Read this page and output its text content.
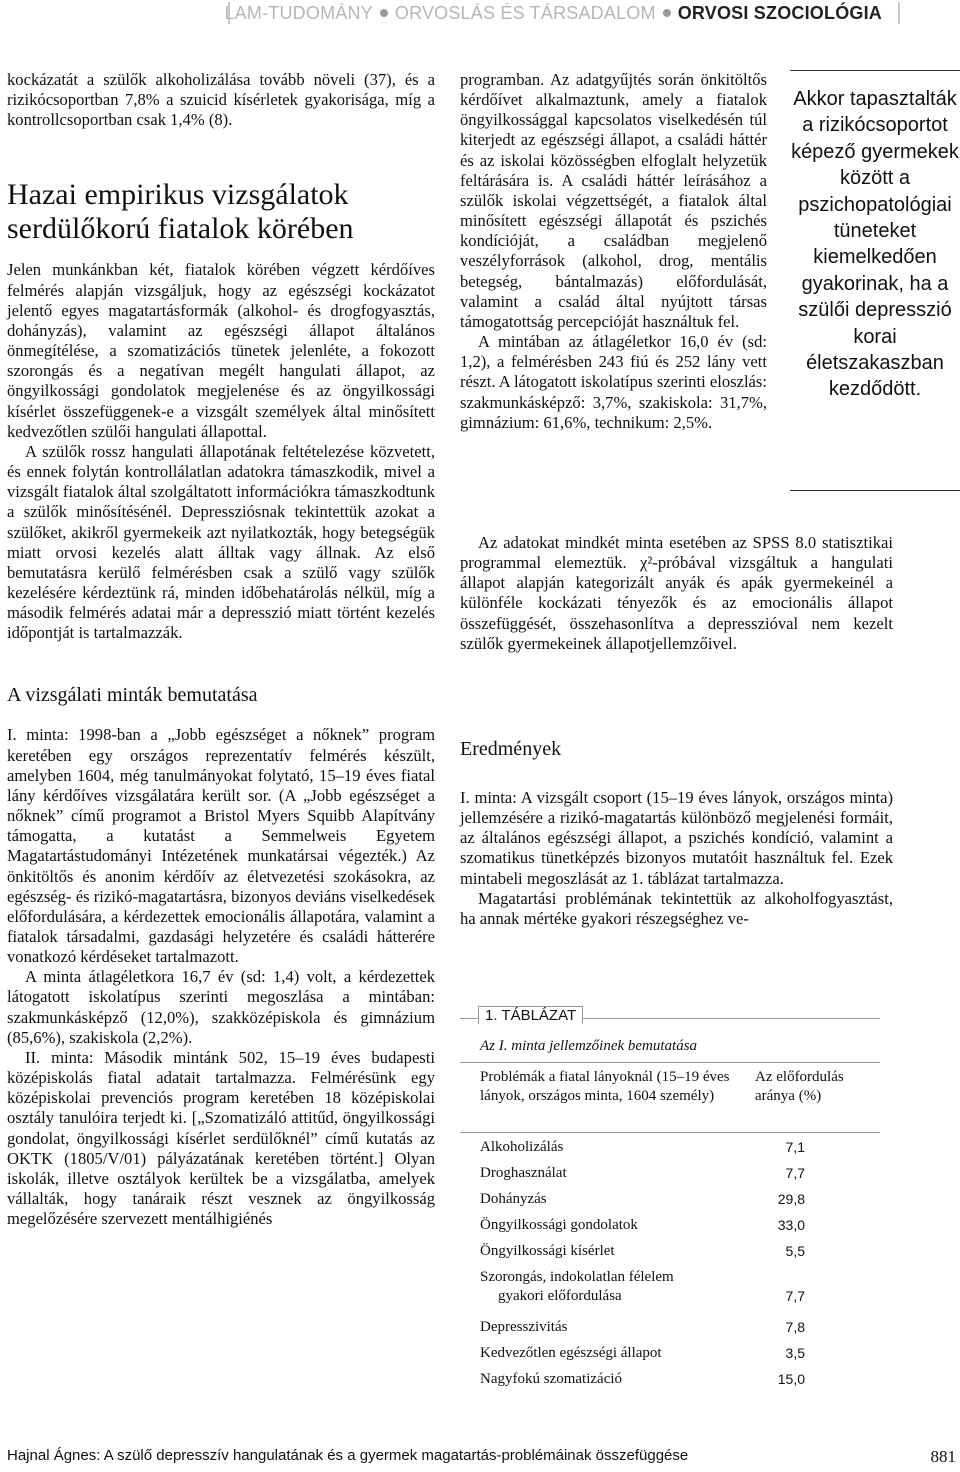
LAM-TUDOMÁNY ORVOSLÁS ÉS TÁRSADALOM ORVOSI SZOCIOLÓGIA

kockázatát a szülők alkoholizálása tovább növeli (37), és a rizikócsoportban 7,8% a szuicid kísérletek gyakorisága, míg a kontrollcsoportban csak 1,4% (8).

Hazai empirikus vizsgálatok serdülőkorú fiatalok körében

Jelen munkánkban két, fiatalok körében végzett kérdőíves felmérés alapján vizsgáljuk, hogy az egészségi kockázatot jelentő egyes magatartásformák (alkohol- és drogfogyasztás, dohányzás), valamint az egészségi állapot általános önmegítélése, a szomatizációs tünetek jelenléte, a fokozott szorongás és a negatívan megélt hangulati állapot, az öngyilkossági gondolatok megjelenése és az öngyilkossági kísérlet összefüggenek-e a vizsgált személyek által minősített kedvezőtlen szülői hangulati állapottal.

A szülők rossz hangulati állapotának feltételezése közvetett, és ennek folytán kontrollálatlan adatokra támaszkodik, mivel a vizsgált fiatalok által szolgáltatott információkra támaszkodtunk a szülők minősítésénél. Depressziósnak tekintettük azokat a szülőket, akikről gyermekeik azt nyilatkozták, hogy betegségük miatt orvosi kezelés alatt álltak vagy állnak. Az első bemutatásra kerülő felmérésben csak a szülő vagy szülők kezelésére kérdeztünk rá, minden időbehatárolás nélkül, míg a második felmérés adatai már a depresszió miatt történt kezelés időpontját is tartalmazzák.

A vizsgálati minták bemutatása

I. minta: 1998-ban a „Jobb egészséget a nőknek” program keretében egy országos reprezentatív felmérés készült, amelyben 1604, még tanulmányokat folytató, 15–19 éves fiatal lány kérdőíves vizsgálatára került sor. (A „Jobb egészséget a nőknek” című programot a Bristol Myers Squibb Alapítvány támogatta, a kutatást a Semmelweis Egyetem Magatartástudományi Intézetének munkatársai végezték.) Az önkitöltős és anonim kérdőív az életvezetési szokásokra, az egészség- és rizikó-magatartásra, bizonyos deviáns viselkedések előfordulására, a kérdezettek emocionális állapotára, valamint a fiatalok társadalmi, gazdasági helyzetére és családi hátterére vonatkozó kérdéseket tartalmazott.

A minta átlagéletkora 16,7 év (sd: 1,4) volt, a kérdezettek látogatott iskolatípus szerinti megoszlása a mintában: szakmunkásképző (12,0%), szakközépiskola és gimnázium (85,6%), szakiskola (2,2%).

II. minta: Második mintánk 502, 15–19 éves budapesti középiskolás fiatal adatait tartalmazza. Felmérésünk egy középiskolai prevenciós program keretében 18 középiskolai osztály tanulóira terjedt ki. [„Szomatizáló attitűd, öngyilkossági gondolat, öngyilkossági kísérlet serdülőknél” című kutatás az OKTK (1805/V/01) pályázatának keretében történt.] Olyan iskolák, illetve osztályok kerültek be a vizsgálatba, amelyek vállalták, hogy tanáraik részt vesznek az öngyilkosság megelőzésére szervezett mentálhigiénés

programban. Az adatgyűjtés során önkitöltős kérdőívet alkalmaztunk, amely a fiatalok öngyilkossággal kapcsolatos viselkedésén túl kiterjedt az egészségi állapot, a családi háttér és az iskolai közösségben elfoglalt helyzetük feltárására is. A családi háttér leírásához a szülők iskolai végzettségét, a fiatalok által minősített egészségi állapotát és pszichés kondícióját, a családban megjelenő veszélyforrások (alkohol, drog, mentális betegség, bántalmazás) előfordulását, valamint a család által nyújtott társas támogatottság percepcióját használtuk fel.

A mintában az átlagéletkor 16,0 év (sd: 1,2), a felmérésben 243 fiú és 252 lány vett részt. A látogatott iskolatípus szerinti eloszlás: szakmunkásképző: 3,7%, szakiskola: 31,7%, gimnázium: 61,6%, technikum: 2,5%.

Akkor tapasztalták a rizikócsoportot képező gyermekek között a pszichopatológiai tüneteket kiemelkedően gyakorinak, ha a szülői depresszió korai életszakaszban kezdődött.

Az adatokat mindkét minta esetében az SPSS 8.0 statisztikai programmal elemeztük. χ²-próbával vizsgáltuk a hangulati állapot alapján kategorizált anyák és apák gyermekeinél a különféle kockázati tényezők és az emocionális állapot összefüggését, összehasonlítva a depresszióval nem kezelt szülők gyermekeinek állapotjellemzőivel.

Eredmények

I. minta: A vizsgált csoport (15–19 éves lányok, országos minta) jellemzésére a rizikó-magatartás különböző megjelenési formáit, az általános egészségi állapot, a pszichés kondíció, valamint a szomatikus tünetképzés bizonyos mutatóit használtuk fel. Ezek mintabeli megoszlását az 1. táblázat tartalmazza.

Magatartási problémának tekintettük az alkoholfogyasztást, ha annak mértéke gyakori részegséghez ve-

1. TÁBLÁZAT
Az I. minta jellemzőinek bemutatása
Problémák a fiatal lányoknál (15–19 éves lányok, országos minta, 1604 személy)
Az előfordulás aránya (%)
Alkoholizálás	7,1
Droghasználat	7,7
Dohányzás	29,8
Öngyilkossági gondolatok	33,0
Öngyilkossági kísérlet	5,5
Szorongás, indokolatlan félelem
gyakori előfordulása	7,7
Depresszivitás	7,8
Kedvezőtlen egészségi állapot	3,5
Nagyfokú szomatizáció	15,0
Hajnal Ágnes: A szülő depresszív hangulatának és a gyermek magatartás-problémáinak összefüggése	881
